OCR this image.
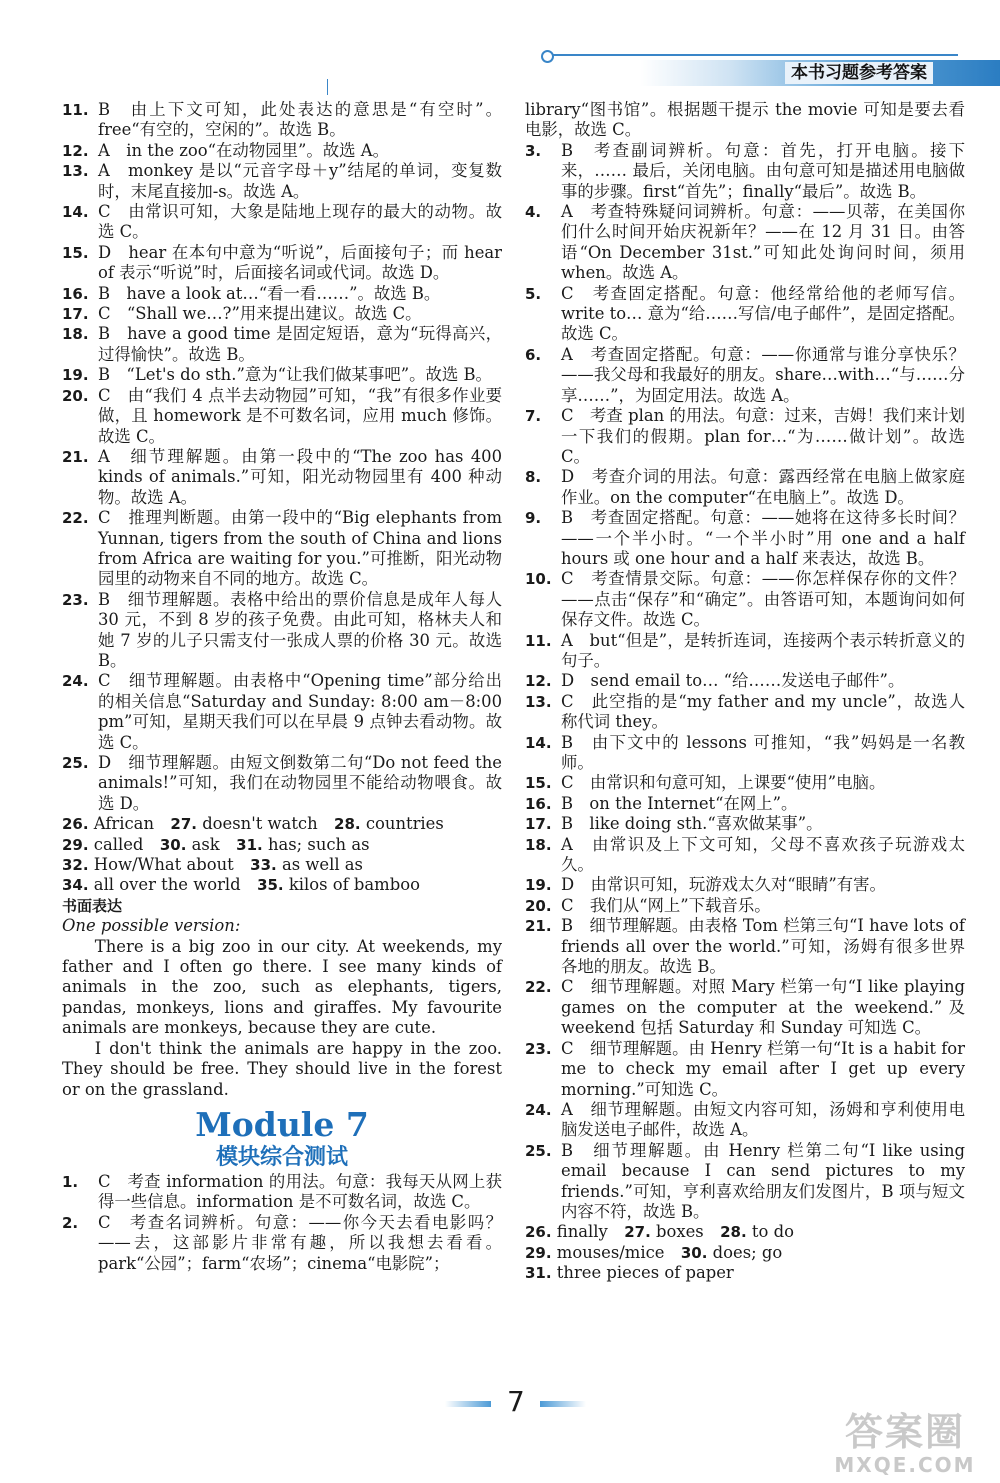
本书习题参考答案
11. B　由上下文可知，此处表达的意思是“有空时”。free“有空的，空闲的”。故选 B。
12. A　in the zoo“在动物园里”。故选 A。
13. A　monkey 是以“元音字母＋y”结尾的单词，变复数时，末尾直接加-s。故选 A。
14. C　由常识可知，大象是陆地上现存的最大的动物。故选 C。
15. D　hear 在本句中意为“听说”，后面接句子；而 hear of 表示“听说”时，后面接名词或代词。故选 D。
16. B　have a look at…“看一看……”。故选 B。
17. C　“Shall we…?”用来提出建议。故选 C。
18. B　have a good time 是固定短语，意为“玩得高兴，过得愉快”。故选 B。
19. B　“Let's do sth.”意为“让我们做某事吧”。故选 B。
20. C　由“我们 4 点半去动物园”可知，“我”有很多作业要做，且 homework 是不可数名词，应用 much 修饰。故选 C。
21. A　细节理解题。由第一段中的“The zoo has 400 kinds of animals.”可知，阳光动物园里有 400 种动物。故选 A。
22. C　推理判断题。由第一段中的“Big elephants from Yunnan, tigers from the south of China and lions from Africa are waiting for you.”可推断，阳光动物园里的动物来自不同的地方。故选 C。
23. B　细节理解题。表格中给出的票价信息是成年人每人 30 元，不到 8 岁的孩子免费。由此可知，格林夫人和她 7 岁的儿子只需支付一张成人票的价格 30 元。故选 B。
24. C　细节理解题。由表格中“Opening time”部分给出的相关信息“Saturday and Sunday: 8:00 am－8:00 pm”可知，星期天我们可以在早晨 9 点钟去看动物。故选 C。
25. D　细节理解题。由短文倒数第二句“Do not feed the animals!”可知，我们在动物园里不能给动物喂食。故选 D。
26. African　 27. doesn't watch　 28. countries　
29. called　 30. ask　 31. has; such as　
32. How/What about　 33. as well as　
34. all over the world　 35. kilos of bamboo　
书面表达
One possible version:

There is a big zoo in our city. At weekends, my father and I often go there. I see many kinds of animals in the zoo, such as elephants, tigers, pandas, monkeys, lions and giraffes. My favourite animals are monkeys, because they are cute.

I don't think the animals are happy in the zoo. They should be free. They should live in the forest or on the grassland.

Module 7
模块综合测试
1.	C　考查 information 的用法。句意：我每天从网上获得一些信息。information 是不可数名词，故选 C。
2.	C　考查名词辨析。句意：——你今天去看电影吗？——去，这部影片非常有趣，所以我想去看看。park“公园”；farm“农场”；cinema“电影院”；
library“图书馆”。根据题干提示 the movie 可知是要去看电影，故选 C。
3.	B　考查副词辨析。句意：首先，打开电脑。接下来，…… 最后，关闭电脑。由句意可知是描述用电脑做事的步骤。first“首先”；finally“最后”。故选 B。
4.	A　考查特殊疑问词辨析。句意：——贝蒂，在美国你们什么时间开始庆祝新年？——在 12 月 31 日。由答语“On December 31st.”可知此处询问时间，须用 when。故选 A。
5.	C　考查固定搭配。句意：他经常给他的老师写信。write to… 意为“给……写信/电子邮件”，是固定搭配。故选 C。
6.	A　考查固定搭配。句意：——你通常与谁分享快乐？——我父母和我最好的朋友。share…with…“与……分享……”，为固定用法。故选 A。
7.	C　考查 plan 的用法。句意：过来，吉姆！我们来计划一下我们的假期。plan for…“为……做计划”。故选 C。
8.	D　考查介词的用法。句意：露西经常在电脑上做家庭作业。on the computer“在电脑上”。故选 D。
9.	B　考查固定搭配。句意：——她将在这待多长时间？——一个半小时。“一个半小时”用 one and a half hours 或 one hour and a half 来表达，故选 B。
10. C　考查情景交际。句意：——你怎样保存你的文件？——点击“保存”和“确定”。由答语可知，本题询问如何保存文件。故选 C。
11. A　but“但是”，是转折连词，连接两个表示转折意义的句子。
12. D　send email to… “给……发送电子邮件”。
13. C　此空指的是“my father and my uncle”，故选人称代词 they。
14. B　由下文中的 lessons 可推知，“我”妈妈是一名教师。
15. C　由常识和句意可知，上课要“使用”电脑。
16. B　on the Internet“在网上”。
17. B　like doing sth.“喜欢做某事”。
18. A　由常识及上下文可知，父母不喜欢孩子玩游戏太久。
19. D　由常识可知，玩游戏太久对“眼睛”有害。
20. C　我们从“网上”下载音乐。
21. B　细节理解题。由表格 Tom 栏第三句“I have lots of friends all over the world.”可知，汤姆有很多世界各地的朋友。故选 B。
22. C　细节理解题。对照 Mary 栏第一句“I like playing games on the computer at the weekend.”及 weekend 包括 Saturday 和 Sunday 可知选 C。
23. C　细节理解题。由 Henry 栏第一句“It is a habit for me to check my email after I get up every morning.”可知选 C。
24. A　细节理解题。由短文内容可知，汤姆和亨利使用电脑发送电子邮件，故选 A。
25. B　细节理解题。由 Henry 栏第二句“I like using email because I can send pictures to my friends.”可知，亨利喜欢给朋友们发图片，B 项与短文内容不符，故选 B。
26. finally　 27. boxes　 28. to do　
29. mouses/mice　 30. does; go　
31. three pieces of paper　
7
答案圈
MXQE.COM
